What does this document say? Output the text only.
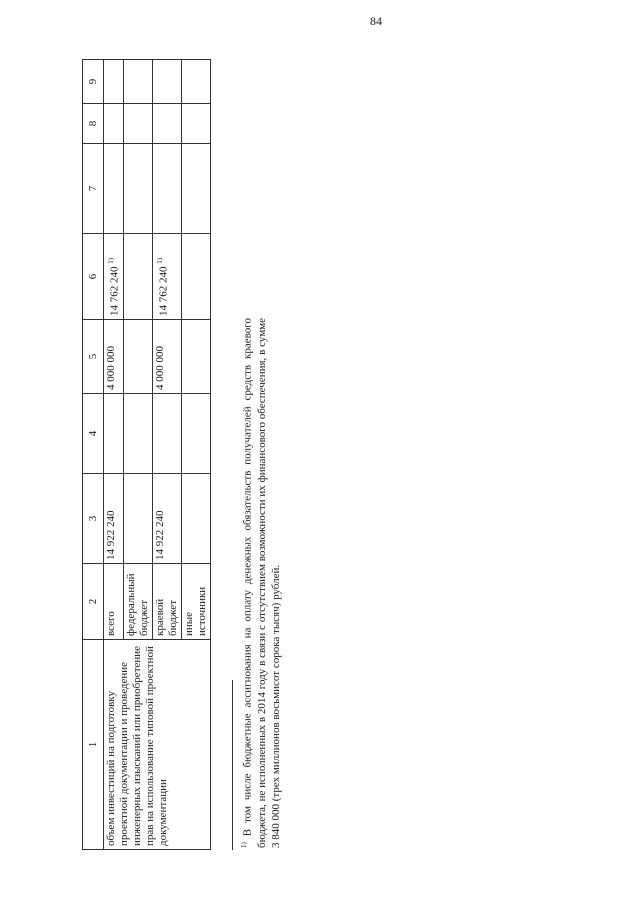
84
1	2	3	4	5	6	7	8	9
объем инвестиций на подготовку проектной документации и проведение инженерных изысканий или приобретение прав на использование типовой проектной документации	всего	14 922 240		4 000 000	14 762 240 $^{1)}$			
	федеральный бюджет							
	краевой бюджет	14 922 240		4 000 000	14 762 240 $^{1)}$			
	иные источники							
$^{1)}$ В том числе бюджетные ассигнования на оплату денежных обязательств получателей средств краевого бюджета, не исполненных в 2014 году в связи с отсутствием возможности их финансового обеспечения, в сумме 3 840 000 (трех миллионов восьмисот сорока тысяч) рублей.
